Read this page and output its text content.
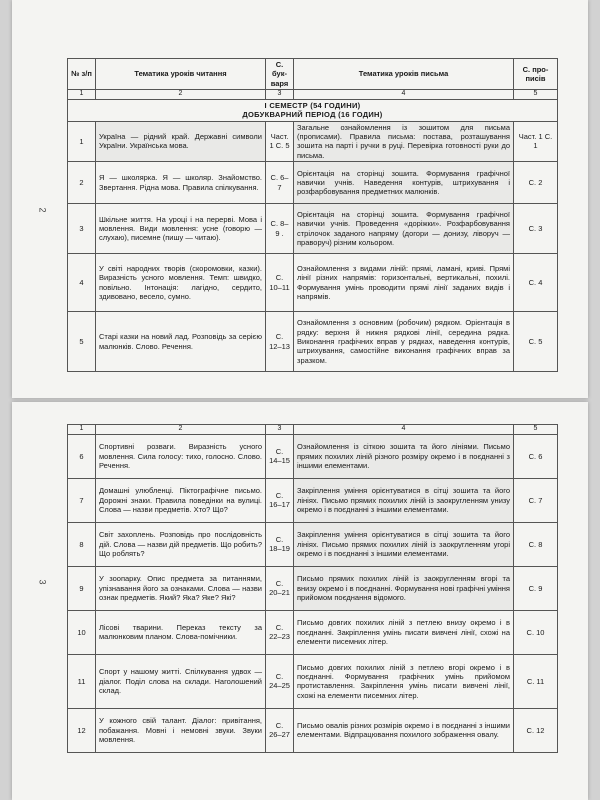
2
№ з/п	Тематика уроків читання	С. бук-варя	Тематика уроків письма	С. про-писів
1	2	3	4	5

І СЕМЕСТР (54 ГОДИНИ)
ДОБУКВАРНИЙ ПЕРІОД (16 ГОДИН)				

1	Україна — рідний край. Державні символи України. Українська мова.	Част. 1 С. 5	Загальне ознайомлення із зошитом для письма (прописами). Правила письма: постава, розташування зошита на парті і ручки в руці. Перевірка готовності руки до письма.	Част. 1 С. 1
2	Я — школярка. Я — школяр. Знайомство. Звертання. Рідна мова. Правила спілкування.	С. 6–7	Орієнтація на сторінці зошита. Формування графічної навички учнів. Наведення контурів, штрихування і розфарбовування предметних малюнків.	С. 2
3	Шкільне життя. На уроці і на перерві. Мова і мовлення. Види мовлення: усне (говорю — слухаю), писемне (пишу — читаю).	С. 8–9 .	Орієнтація на сторінці зошита. Формування графічної навички учнів. Проведення «доріжки». Розфарбовування стрілочок заданого напряму (догори — донизу, ліворуч — праворуч) різним кольором.	С. 3
4	У світі народних творів (скоромовки, казки). Виразність усного мовлення. Темп: швидко, повільно. Інтонація: лагідно, сердито, здивовано, весело, сумно.	С. 10–11	Ознайомлення з видами ліній: прямі, ламані, криві. Прямі лінії різних напрямів: горизонтальні, вертикальні, похилі. Формування умінь проводити прямі лінії заданих видів і напрямів.	С. 4
5	Старі казки на новий лад. Розповідь за серією малюнків. Слово. Речення.	С. 12–13	Ознайомлення з основним (робочим) рядком. Орієнтація в рядку: верхня й нижня рядкові лінії, середина рядка. Виконання графічних вправ у рядках, наведення контурів, штрихування, самостійне виконання графічних вправ за зразком.	С. 5
3
1	2	3	4	5
6	Спортивні розваги. Виразність усного мовлення. Сила голосу: тихо, голосно. Слово. Речення.	С. 14–15	Ознайомлення із сіткою зошита та його лініями. Письмо прямих похилих ліній різного розміру окремо і в поєднанні з іншими елементами.	С. 6
7	Домашні улюбленці. Піктографічне письмо. Дорожні знаки. Правила поведінки на вулиці. Слова — назви предметів. Хто? Що?	С. 16–17	Закріплення уміння орієнтуватися в сітці зошита та його лініях. Письмо прямих похилих ліній із заокругленням унизу окремо і в поєднанні з іншими елементами.	С. 7
8	Світ захоплень. Розповідь про послідовність дій. Слова — назви дій предметів. Що робить? Що роблять?	С. 18–19	Закріплення уміння орієнтуватися в сітці зошита та його лініях. Письмо прямих похилих ліній із заокругленням угорі окремо і в поєднанні з іншими елементами.	С. 8
9	У зоопарку. Опис предмета за питаннями, упізнавання його за ознаками. Слова — назви ознак предметів. Який? Яка? Яке? Які?	С. 20–21	Письмо прямих похилих ліній із заокругленням вгорі та внизу окремо і в поєднанні. Формування нові графічні уміння прийомом поєднання відомого.	С. 9
10	Лісові тварини. Переказ тексту за малюнковим планом. Слова-помічники.	С. 22–23	Письмо довгих похилих ліній з петлею внизу окремо і в поєднанні. Закріплення умінь писати вивчені лінії, схожі на елементи писемних літер.	С. 10
11	Спорт у нашому житті. Спілкування удвох — діалог. Поділ слова на склади. Наголошений склад.	С. 24–25	Письмо довгих похилих ліній з петлею вгорі окремо і в поєднанні. Формування графічних умінь прийомом протиставлення. Закріплення умінь писати вивчені лінії, схожі на елементи писемних літер.	С. 11
12	У кожного свій талант. Діалог: привітання, побажання. Мовні і немовні звуки. Звуки мовлення.	С. 26–27	Письмо овалів різних розмірів окремо і в поєднанні з іншими елементами. Відпрацювання похилого зображення овалу.	С. 12
